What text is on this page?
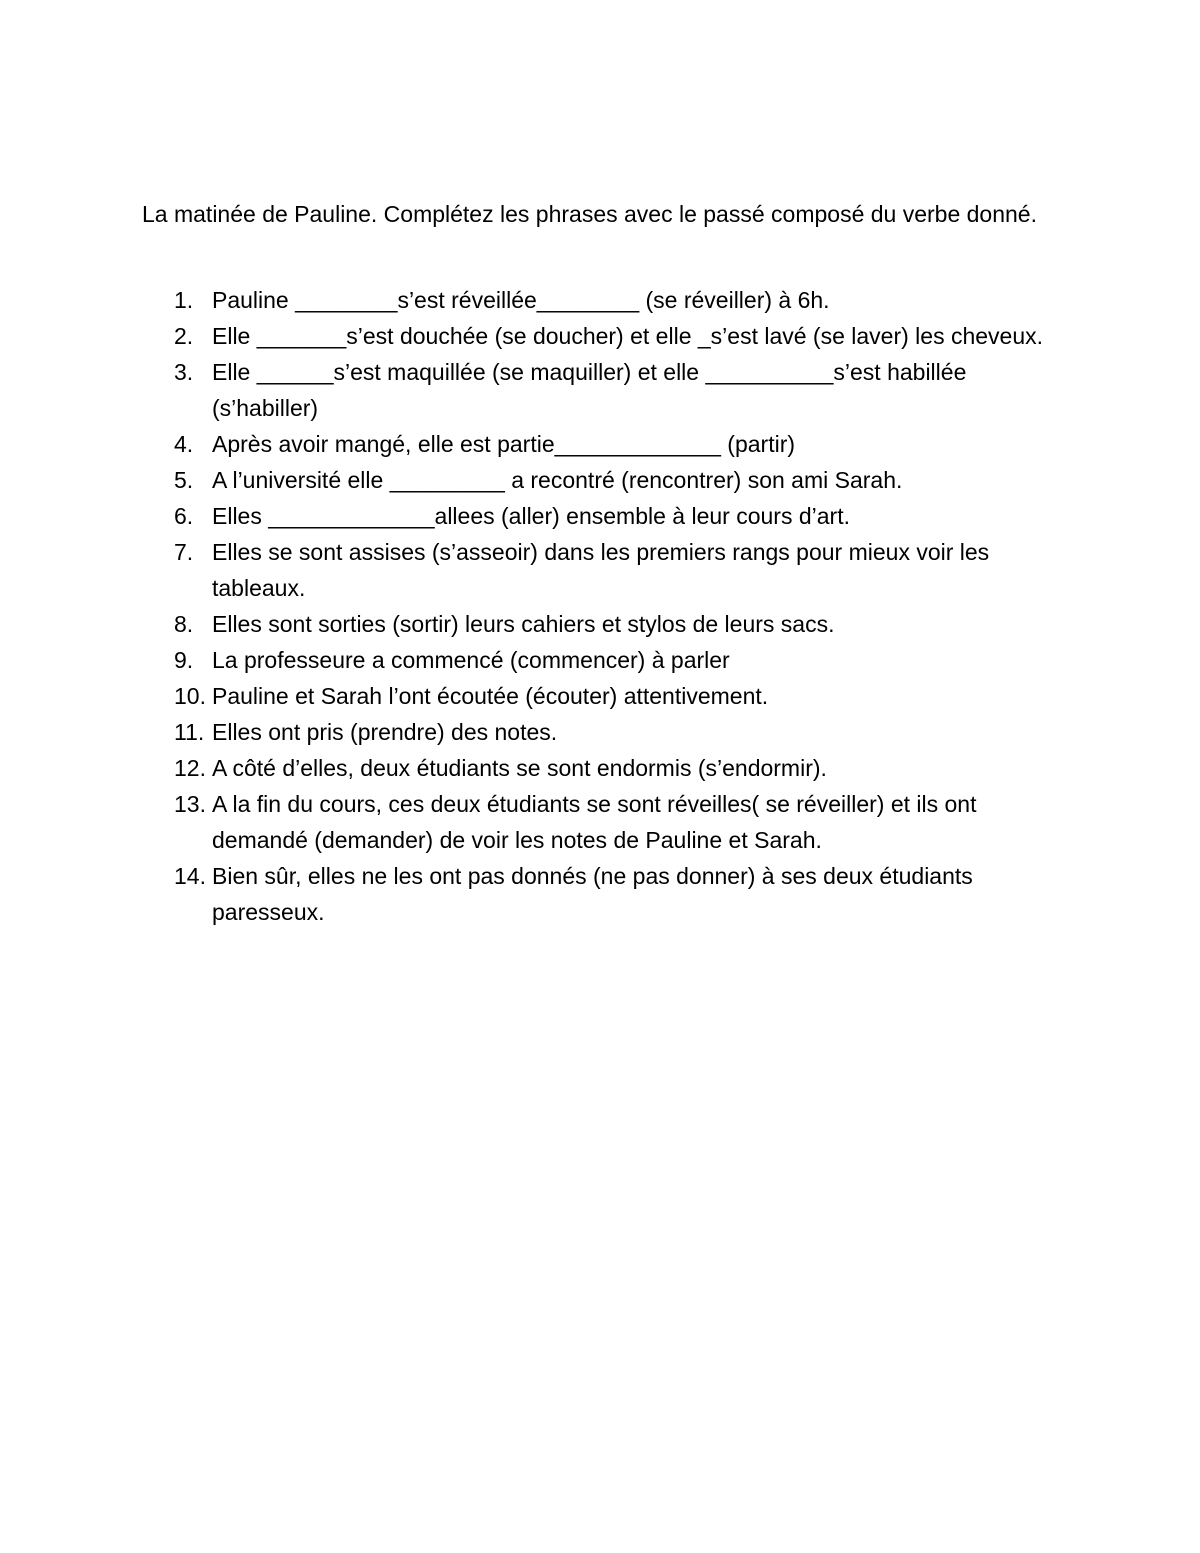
La matinée de Pauline. Complétez les phrases avec le passé composé du verbe donné.

1. Pauline ________s’est réveillée________ (se réveiller) à 6h.
2. Elle _______s’est douchée (se doucher) et elle _s’est lavé (se laver) les cheveux.
3. Elle ______s’est maquillée (se maquiller) et elle __________s’est habillée (s’habiller)
4. Après avoir mangé, elle est partie_____________ (partir)
5. A l’université elle _________ a recontré (rencontrer) son ami Sarah.
6. Elles _____________allees (aller) ensemble à leur cours d’art.
7. Elles se sont assises (s’asseoir) dans les premiers rangs pour mieux voir les tableaux.
8. Elles sont sorties (sortir) leurs cahiers et stylos de leurs sacs.
9. La professeure a commencé (commencer) à parler
10. Pauline et Sarah l’ont écoutée (écouter) attentivement.
11. Elles ont pris (prendre) des notes.
12. A côté d’elles, deux étudiants se sont endormis (s’endormir).
13. A la fin du cours, ces deux étudiants se sont réveilles( se réveiller) et ils ont demandé (demander) de voir les notes de Pauline et Sarah.
14. Bien sûr, elles ne les ont pas donnés (ne pas donner) à ses deux étudiants paresseux.
